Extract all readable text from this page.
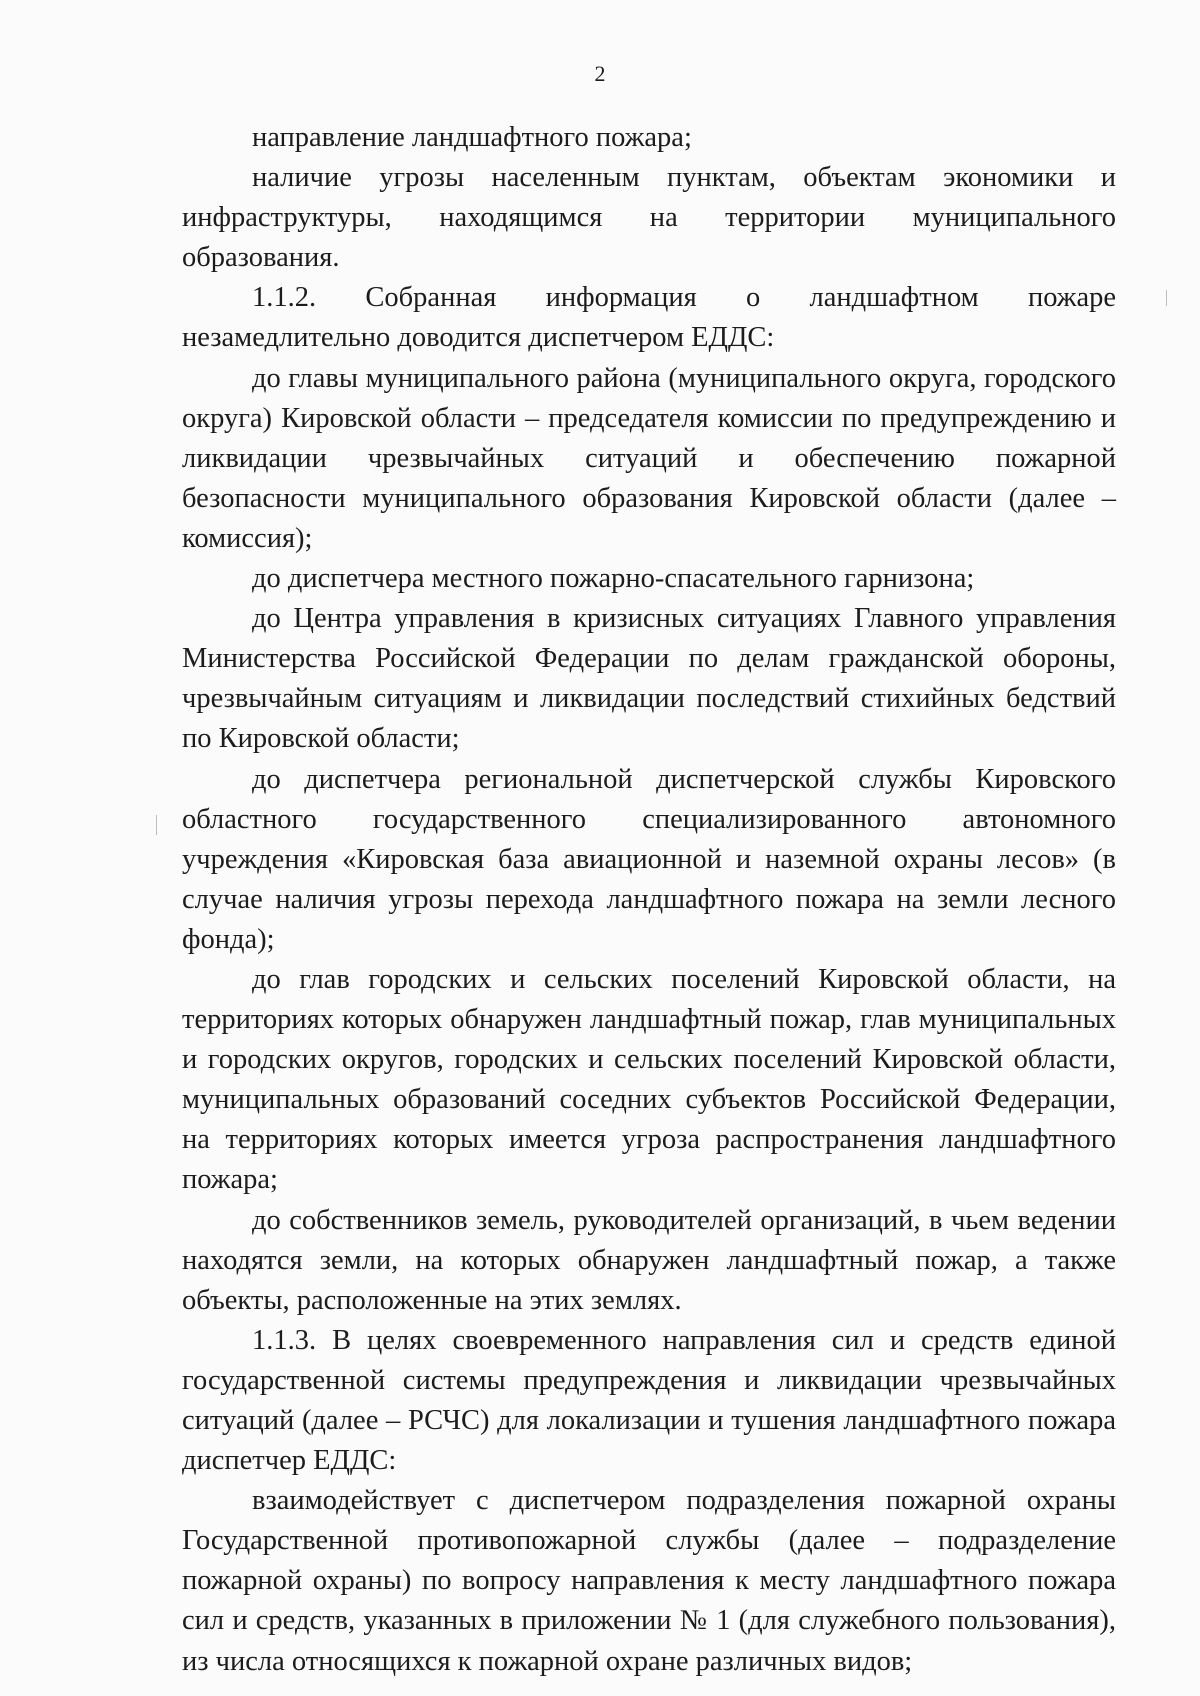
2

направление ландшафтного пожара;

наличие угрозы населенным пунктам, объектам экономики и инфраструктуры, находящимся на территории муниципального образования.

1.1.2. Собранная информация о ландшафтном пожаре незамедлительно доводится диспетчером ЕДДС:

до главы муниципального района (муниципального округа, городского округа) Кировской области – председателя комиссии по предупреждению и ликвидации чрезвычайных ситуаций и обеспечению пожарной безопасности муниципального образования Кировской области (далее – комиссия);

до диспетчера местного пожарно-спасательного гарнизона;

до Центра управления в кризисных ситуациях Главного управления Министерства Российской Федерации по делам гражданской обороны, чрезвычайным ситуациям и ликвидации последствий стихийных бедствий по Кировской области;

до диспетчера региональной диспетчерской службы Кировского областного государственного специализированного автономного учреждения «Кировская база авиационной и наземной охраны лесов» (в случае наличия угрозы перехода ландшафтного пожара на земли лесного фонда);

до глав городских и сельских поселений Кировской области, на территориях которых обнаружен ландшафтный пожар, глав муниципальных и городских округов, городских и сельских поселений Кировской области, муниципальных образований соседних субъектов Российской Федерации, на территориях которых имеется угроза распространения ландшафтного пожара;

до собственников земель, руководителей организаций, в чьем ведении находятся земли, на которых обнаружен ландшафтный пожар, а также объекты, расположенные на этих землях.

1.1.3. В целях своевременного направления сил и средств единой государственной системы предупреждения и ликвидации чрезвычайных ситуаций (далее – РСЧС) для локализации и тушения ландшафтного пожара диспетчер ЕДДС:

взаимодействует с диспетчером подразделения пожарной охраны Государственной противопожарной службы (далее – подразделение пожарной охраны) по вопросу направления к месту ландшафтного пожара сил и средств, указанных в приложении № 1 (для служебного пользования), из числа относящихся к пожарной охране различных видов;
